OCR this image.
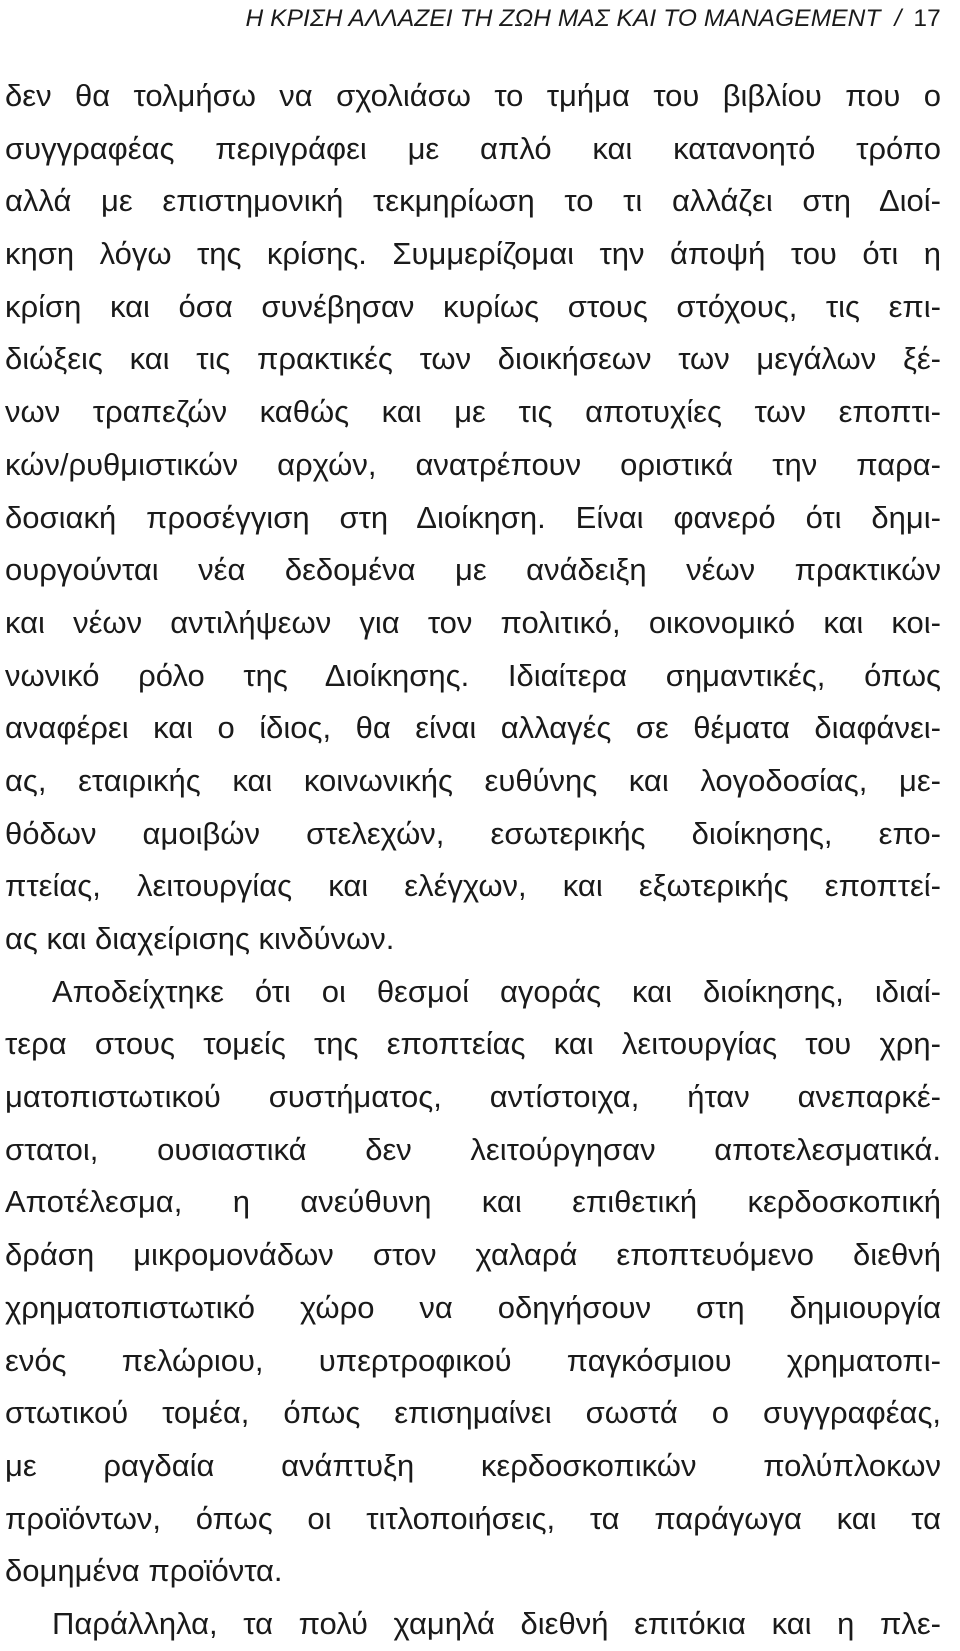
Η ΚΡΙΣΗ ΑΛΛΑΖΕΙ ΤΗ ΖΩΗ ΜΑΣ ΚΑΙ ΤΟ MANAGEMENT / 17
δεν θα τολμήσω να σχολιάσω το τμήμα του βιβλίου που ο
συγγραφέας περιγράφει με απλό και κατανοητό τρόπο
αλλά με επιστημονική τεκμηρίωση το τι αλλάζει στη Διοί-
κηση λόγω της κρίσης. Συμμερίζομαι την άποψή του ότι η
κρίση και όσα συνέβησαν κυρίως στους στόχους, τις επι-
διώξεις και τις πρακτικές των διοικήσεων των μεγάλων ξέ-
νων τραπεζών καθώς και με τις αποτυχίες των εποπτι-
κών/ρυθμιστικών αρχών, ανατρέπουν οριστικά την παρα-
δοσιακή προσέγγιση στη Διοίκηση. Είναι φανερό ότι δημι-
ουργούνται νέα δεδομένα με ανάδειξη νέων πρακτικών
και νέων αντιλήψεων για τον πολιτικό, οικονομικό και κοι-
νωνικό ρόλο της Διοίκησης. Ιδιαίτερα σημαντικές, όπως
αναφέρει και ο ίδιος, θα είναι αλλαγές σε θέματα διαφάνει-
ας, εταιρικής και κοινωνικής ευθύνης και λογοδοσίας, με-
θόδων αμοιβών στελεχών, εσωτερικής διοίκησης, επο-
πτείας, λειτουργίας και ελέγχων, και εξωτερικής εποπτεί-
ας και διαχείρισης κινδύνων.
Αποδείχτηκε ότι οι θεσμοί αγοράς και διοίκησης, ιδιαί-
τερα στους τομείς της εποπτείας και λειτουργίας του χρη-
ματοπιστωτικού συστήματος, αντίστοιχα, ήταν ανεπαρκέ-
στατοι, ουσιαστικά δεν λειτούργησαν αποτελεσματικά.
Αποτέλεσμα, η ανεύθυνη και επιθετική κερδοσκοπική
δράση μικρομονάδων στον χαλαρά εποπτευόμενο διεθνή
χρηματοπιστωτικό χώρο να οδηγήσουν στη δημιουργία
ενός πελώριου, υπερτροφικού παγκόσμιου χρηματοπι-
στωτικού τομέα, όπως επισημαίνει σωστά ο συγγραφέας,
με ραγδαία ανάπτυξη κερδοσκοπικών πολύπλοκων
προϊόντων, όπως οι τιτλοποιήσεις, τα παράγωγα και τα
δομημένα προϊόντα.
Παράλληλα, τα πολύ χαμηλά διεθνή επιτόκια και η πλε-
